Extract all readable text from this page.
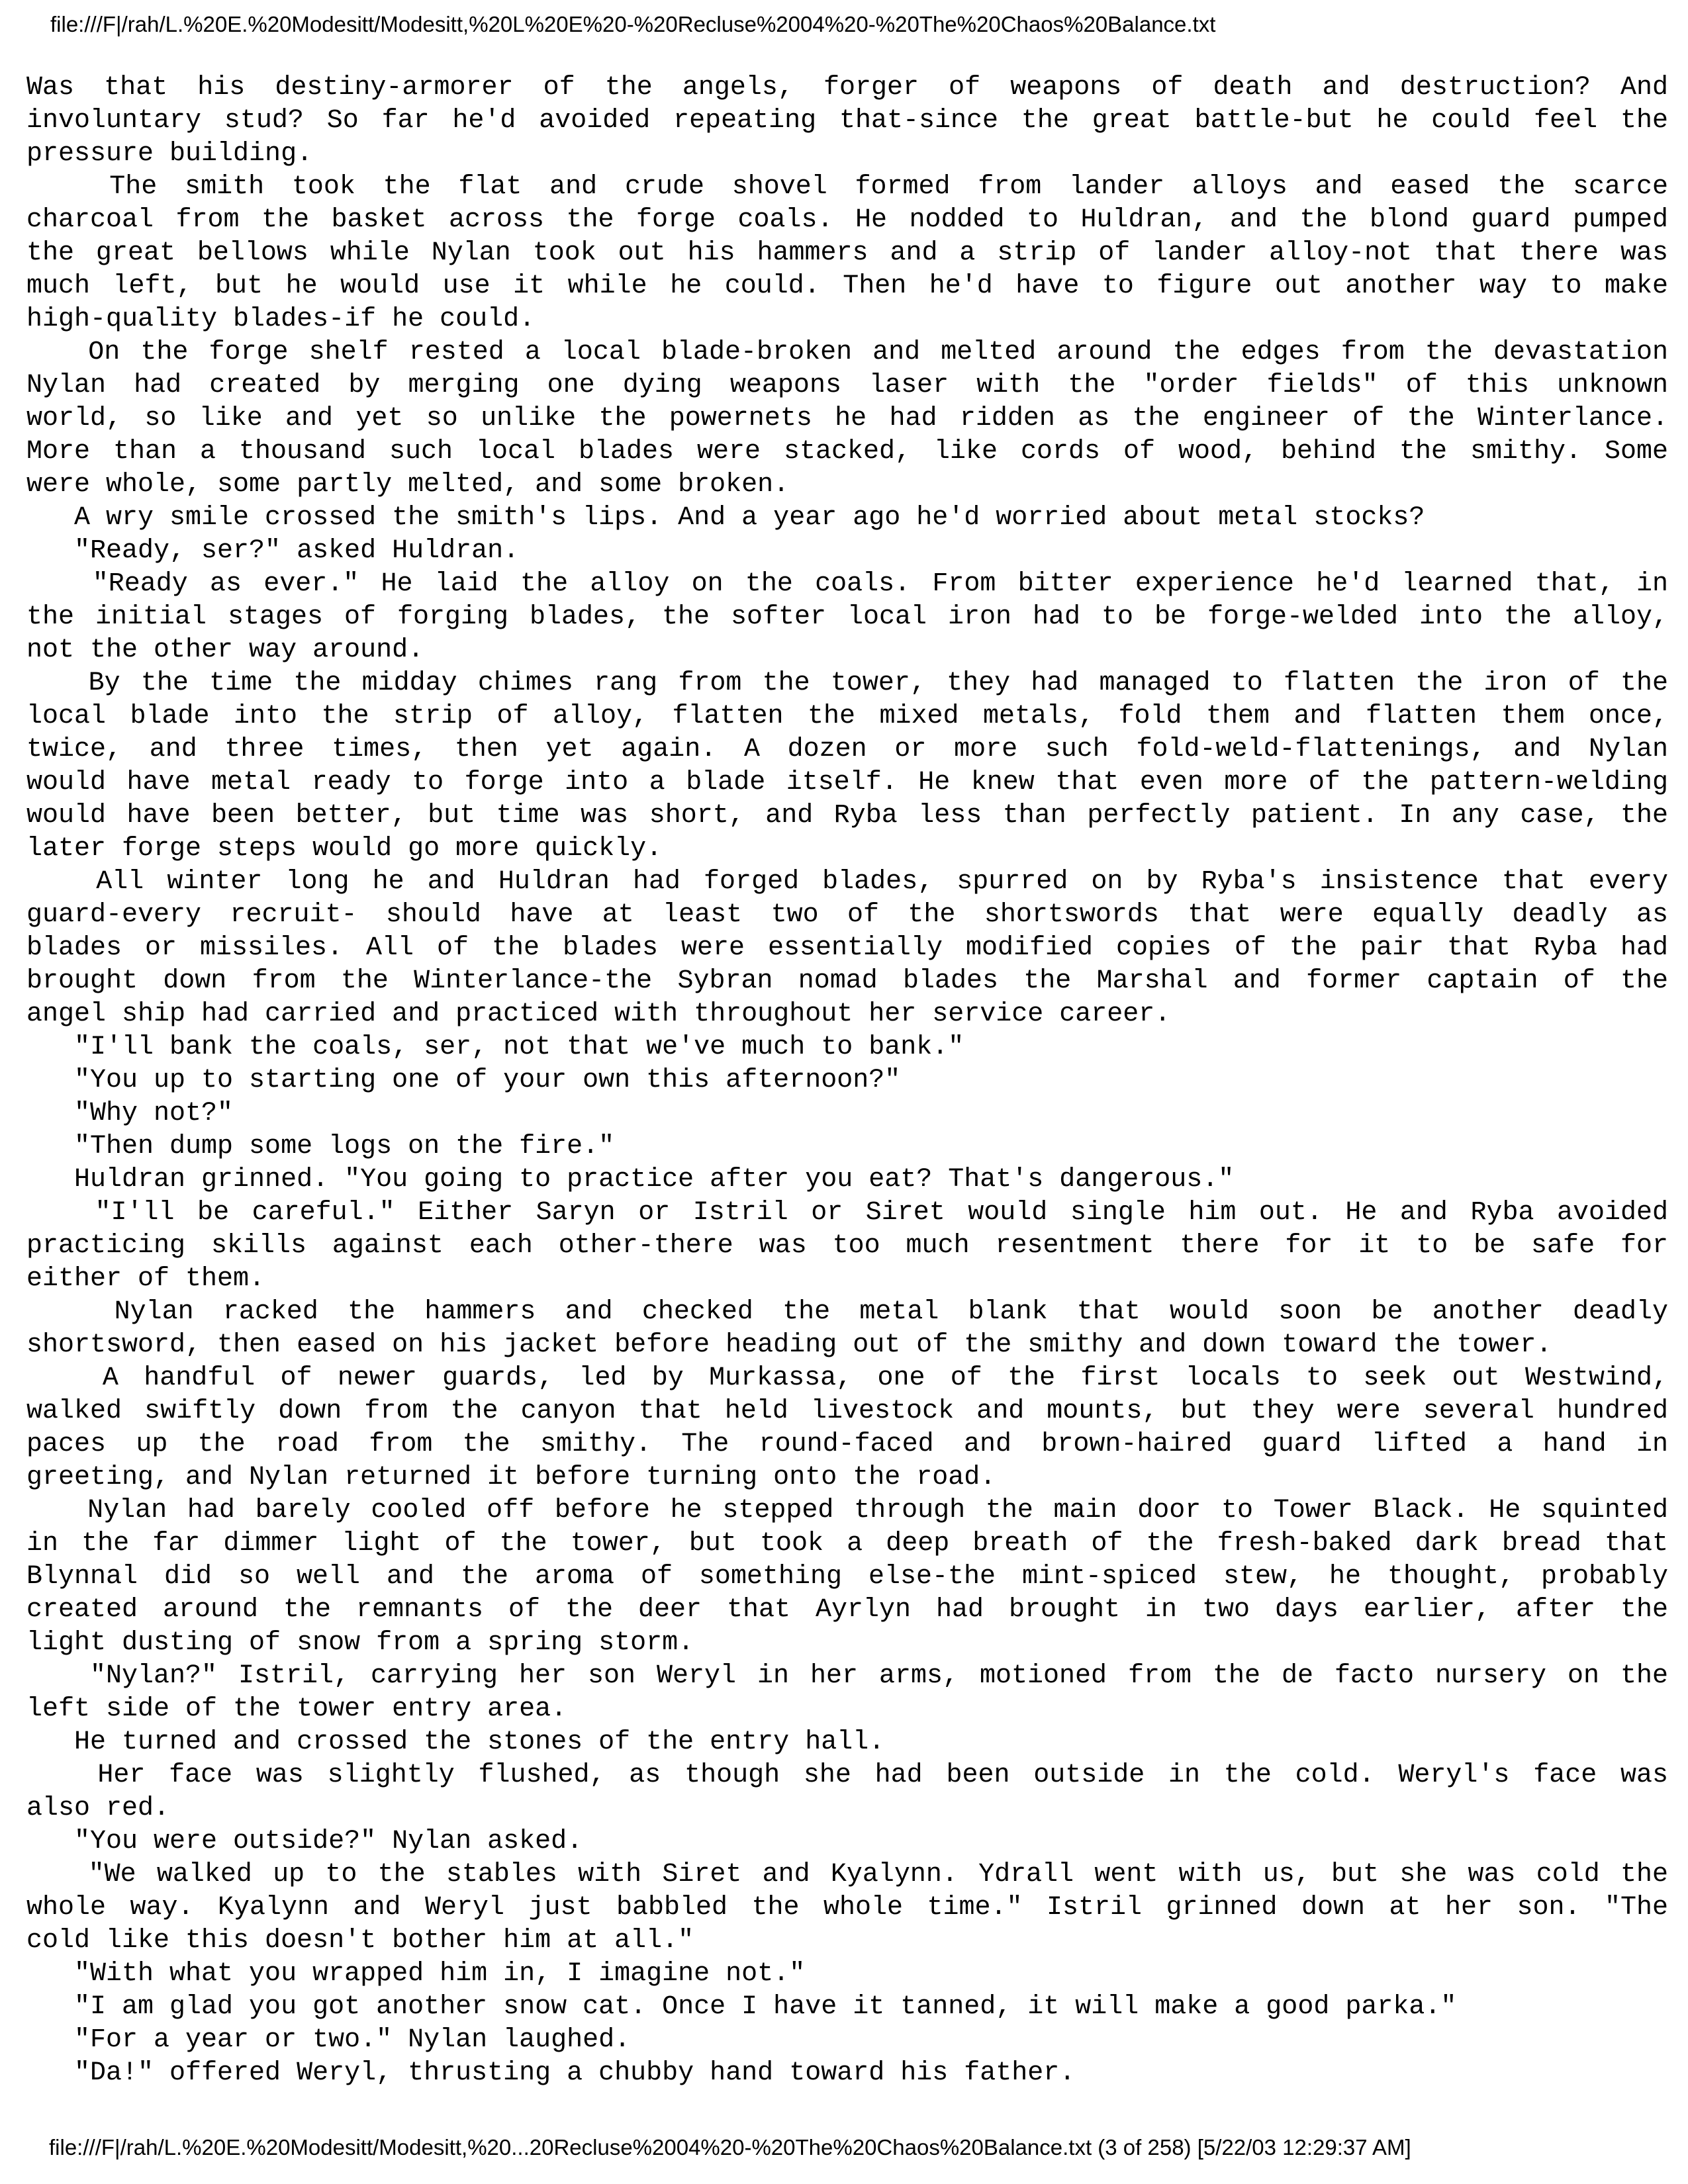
file:///F|/rah/L.%20E.%20Modesitt/Modesitt,%20L%20E%20-%20Recluse%2004%20-%20The%20Chaos%20Balance.txt
Was that his destiny-armorer of the angels, forger of weapons of death and destruction? And
involuntary stud? So far he'd avoided repeating that-since the great battle-but he could feel the
pressure building.
The smith took the flat and crude shovel formed from lander alloys and eased the scarce
charcoal from the basket across the forge coals. He nodded to Huldran, and the blond guard pumped
the great bellows while Nylan took out his hammers and a strip of lander alloy-not that there was
much left, but he would use it while he could. Then he'd have to figure out another way to make
high-quality blades-if he could.
On the forge shelf rested a local blade-broken and melted around the edges from the devastation
Nylan had created by merging one dying weapons laser with the "order fields" of this unknown
world, so like and yet so unlike the powernets he had ridden as the engineer of the Winterlance.
More than a thousand such local blades were stacked, like cords of wood, behind the smithy. Some
were whole, some partly melted, and some broken.
A wry smile crossed the smith's lips. And a year ago he'd worried about metal stocks?
"Ready, ser?" asked Huldran.
"Ready as ever." He laid the alloy on the coals. From bitter experience he'd learned that, in
the initial stages of forging blades, the softer local iron had to be forge-welded into the alloy,
not the other way around.
By the time the midday chimes rang from the tower, they had managed to flatten the iron of the
local blade into the strip of alloy, flatten the mixed metals, fold them and flatten them once,
twice, and three times, then yet again. A dozen or more such fold-weld-flattenings, and Nylan
would have metal ready to forge into a blade itself. He knew that even more of the pattern-welding
would have been better, but time was short, and Ryba less than perfectly patient. In any case, the
later forge steps would go more quickly.
All winter long he and Huldran had forged blades, spurred on by Ryba's insistence that every
guard-every recruit- should have at least two of the shortswords that were equally deadly as
blades or missiles. All of the blades were essentially modified copies of the pair that Ryba had
brought down from the Winterlance-the Sybran nomad blades the Marshal and former captain of the
angel ship had carried and practiced with throughout her service career.
"I'll bank the coals, ser, not that we've much to bank."
"You up to starting one of your own this afternoon?"
"Why not?"
"Then dump some logs on the fire."
Huldran grinned. "You going to practice after you eat? That's dangerous."
"I'll be careful." Either Saryn or Istril or Siret would single him out. He and Ryba avoided
practicing skills against each other-there was too much resentment there for it to be safe for
either of them.
Nylan racked the hammers and checked the metal blank that would soon be another deadly
shortsword, then eased on his jacket before heading out of the smithy and down toward the tower.
A handful of newer guards, led by Murkassa, one of the first locals to seek out Westwind,
walked swiftly down from the canyon that held livestock and mounts, but they were several hundred
paces up the road from the smithy. The round-faced and brown-haired guard lifted a hand in
greeting, and Nylan returned it before turning onto the road.
Nylan had barely cooled off before he stepped through the main door to Tower Black. He squinted
in the far dimmer light of the tower, but took a deep breath of the fresh-baked dark bread that
Blynnal did so well and the aroma of something else-the mint-spiced stew, he thought, probably
created around the remnants of the deer that Ayrlyn had brought in two days earlier, after the
light dusting of snow from a spring storm.
"Nylan?" Istril, carrying her son Weryl in her arms, motioned from the de facto nursery on the
left side of the tower entry area.
He turned and crossed the stones of the entry hall.
Her face was slightly flushed, as though she had been outside in the cold. Weryl's face was
also red.
"You were outside?" Nylan asked.
"We walked up to the stables with Siret and Kyalynn. Ydrall went with us, but she was cold the
whole way. Kyalynn and Weryl just babbled the whole time." Istril grinned down at her son. "The
cold like this doesn't bother him at all."
"With what you wrapped him in, I imagine not."
"I am glad you got another snow cat. Once I have it tanned, it will make a good parka."
"For a year or two." Nylan laughed.
"Da!" offered Weryl, thrusting a chubby hand toward his father.
file:///F|/rah/L.%20E.%20Modesitt/Modesitt,%20...20Recluse%2004%20-%20The%20Chaos%20Balance.txt (3 of 258) [5/22/03 12:29:37 AM]
